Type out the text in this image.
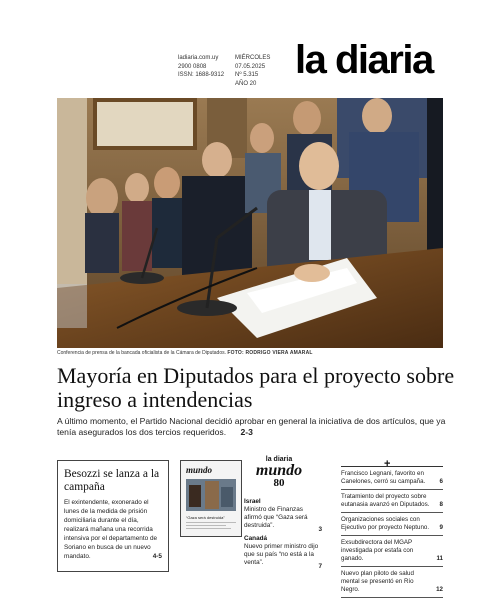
ladiaria.com.uy
2900 0808
ISSN: 1688-9312
MIÉRCOLES
07.05.2025
Nº 5.315
AÑO 20
la diaria
Conferencia de prensa de la bancada oficialista de la Cámara de Diputados. FOTO: RODRIGO VIERA AMARAL
Mayoría en Diputados para el proyecto sobre ingreso a intendencias
A último momento, el Partido Nacional decidió aprobar en general la iniciativa de dos artículos, que ya tenía asegurados los dos tercios requeridos. 2-3
Besozzi se lanza a la campaña

El exintendente, exonerado el lunes de la medida de prisión domiciliaria durante el día, realizará mañana una recorrida intensiva por el departamento de Soriano en busca de un nuevo mandato.	4-5

mundo
“Gaza será destruida”
la diaria
mundo
80
Israel
Ministro de Finanzas afirmó que “Gaza será destruida”.
3
Canadá
Nuevo primer ministro dijo que su país “no está a la venta”.
7
+
Francisco Legnani, favorito en Canelones, cerró su campaña. 6
Tratamiento del proyecto sobre eutanasia avanzó en Diputados. 8
Organizaciones sociales con Ejecutivo por proyecto Neptuno. 9
Exsubdirectora del MGAP investigada por estafa con ganado.	11
Nuevo plan piloto de salud mental se presentó en Río Negro.	12
